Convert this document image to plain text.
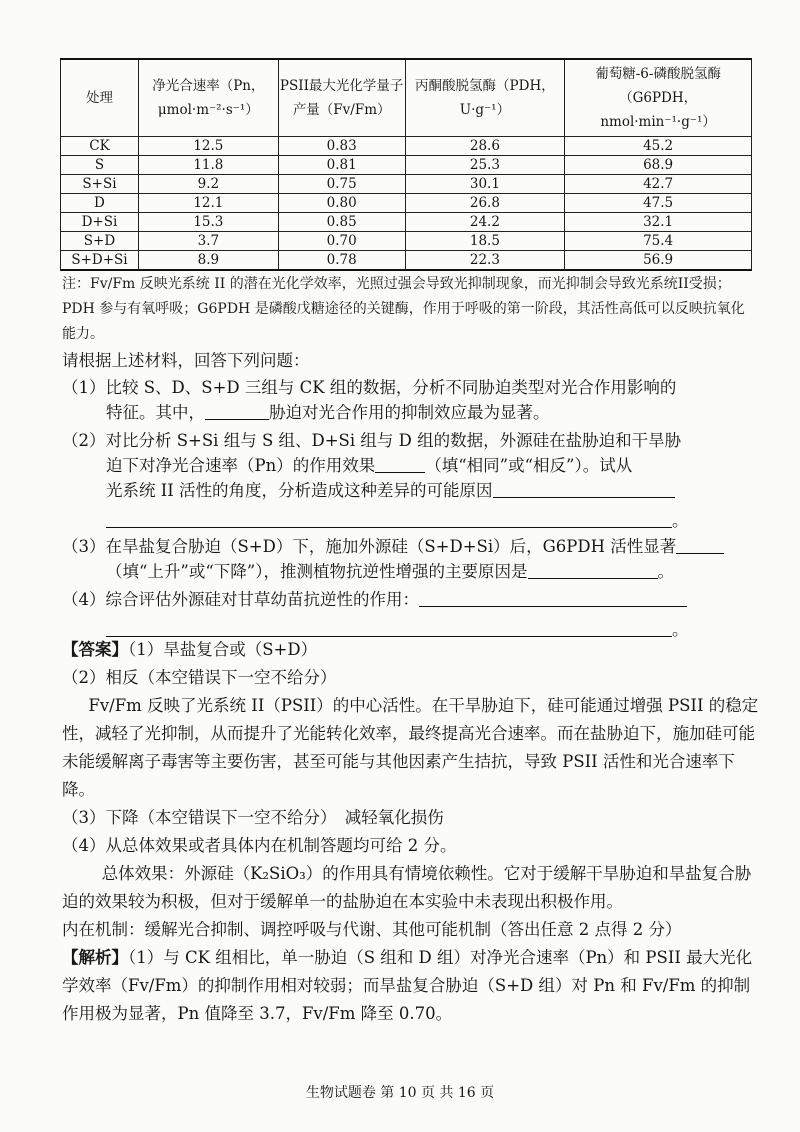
处理	净光合速率（Pn，μmol·m⁻²·s⁻¹）	PSII最大光化学量子产量（Fv/Fm）	丙酮酸脱氢酶（PDH，U·g⁻¹）	葡萄糖-6-磷酸脱氢酶（G6PDH，nmol·min⁻¹·g⁻¹）
CK	12.5	0.83	28.6	45.2
S	11.8	0.81	25.3	68.9
S+Si	9.2	0.75	30.1	42.7
D	12.1	0.80	26.8	47.5
D+Si	15.3	0.85	24.2	32.1
S+D	3.7	0.70	18.5	75.4
S+D+Si	8.9	0.78	22.3	56.9
注：Fv/Fm 反映光系统 II 的潜在光化学效率，光照过强会导致光抑制现象，而光抑制会导致光系统II受损；PDH 参与有氧呼吸；G6PDH 是磷酸戊糖途径的关键酶，作用于呼吸的第一阶段，其活性高低可以反映抗氧化能力。
请根据上述材料，回答下列问题：
（1）比较 S、D、S+D 三组与 CK 组的数据，分析不同胁迫类型对光合作用影响的
特征。其中，	胁迫对光合作用的抑制效应最为显著。
（2）对比分析 S+Si 组与 S 组、D+Si 组与 D 组的数据，外源硅在盐胁迫和干旱胁
迫下对净光合速率（Pn）的作用效果	（填“相同”或“相反”）。试从
光系统 II 活性的角度，分析造成这种差异的可能原因
。
（3）在旱盐复合胁迫（S+D）下，施加外源硅（S+D+Si）后，G6PDH 活性显著
（填“上升”或“下降”），推测植物抗逆性增强的主要原因是	。
（4）综合评估外源硅对甘草幼苗抗逆性的作用：
。
【答案】（1）旱盐复合或（S+D）
（2）相反（本空错误下一空不给分）
Fv/Fm 反映了光系统 II（PSII）的中心活性。在干旱胁迫下，硅可能通过增强 PSII 的稳定性，减轻了光抑制，从而提升了光能转化效率，最终提高光合速率。而在盐胁迫下，施加硅可能未能缓解离子毒害等主要伤害，甚至可能与其他因素产生拮抗，导致 PSII 活性和光合速率下降。
（3）下降（本空错误下一空不给分）　减轻氧化损伤
（4）从总体效果或者具体内在机制答题均可给 2 分。
总体效果：外源硅（K₂SiO₃）的作用具有情境依赖性。它对于缓解干旱胁迫和旱盐复合胁迫的效果较为积极，但对于缓解单一的盐胁迫在本实验中未表现出积极作用。
内在机制：缓解光合抑制、调控呼吸与代谢、其他可能机制（答出任意 2 点得 2 分）
【解析】（1）与 CK 组相比，单一胁迫（S 组和 D 组）对净光合速率（Pn）和 PSII 最大光化学效率（Fv/Fm）的抑制作用相对较弱；而旱盐复合胁迫（S+D 组）对 Pn 和 Fv/Fm 的抑制作用极为显著，Pn 值降至 3.7，Fv/Fm 降至 0.70。
生物试题卷 第 10 页 共 16 页
